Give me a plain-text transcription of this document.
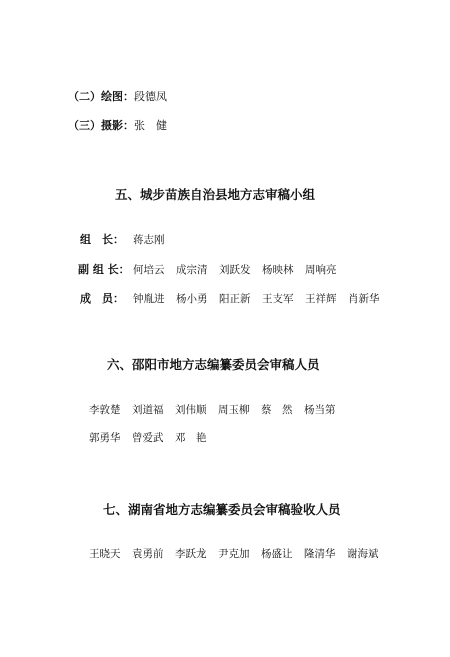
（二）绘图：段德凤
（三）摄影：张　健
五、城步苗族自治县地方志审稿小组
组　长： 蒋志刚
副 组 长： 何培云 成宗清 刘跃发 杨映林 周响亮
成　员： 钟胤进 杨小勇 阳正新 王支军 王祥辉 肖新华
六、邵阳市地方志编纂委员会审稿人员
李敦楚 刘道福 刘伟顺 周玉柳 蔡　然 杨当第
郭勇华 曾爱武 邓　艳
七、湖南省地方志编纂委员会审稿验收人员
王晓天 袁勇前 李跃龙 尹克加 杨盛让 隆清华 谢海斌
